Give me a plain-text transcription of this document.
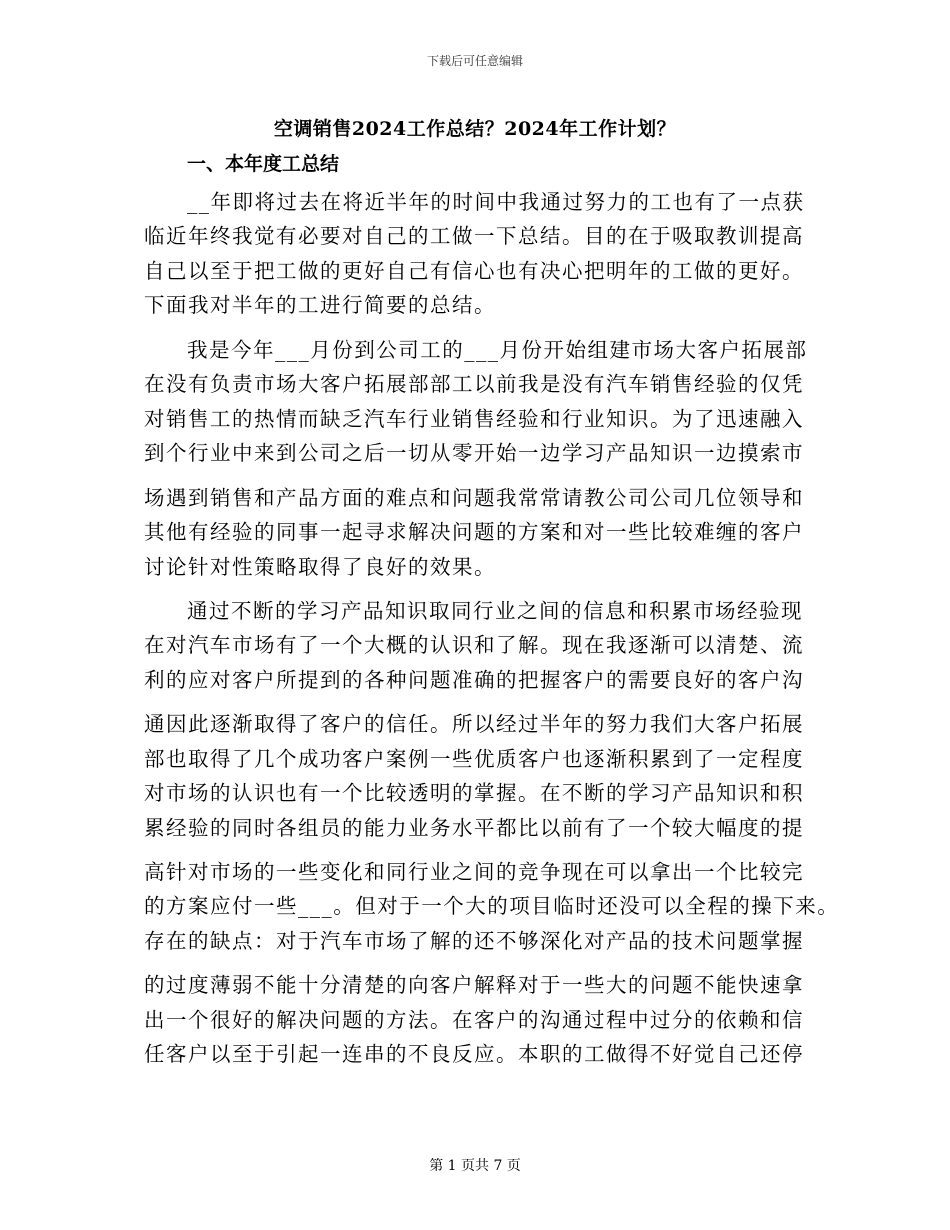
下载后可任意编辑
空调销售2024工作总结？2024年工作计划？
一、本年度工总结
__年即将过去在将近半年的时间中我通过努力的工也有了一点获
临近年终我觉有必要对自己的工做一下总结。目的在于吸取教训提高
自己以至于把工做的更好自己有信心也有决心把明年的工做的更好。
下面我对半年的工进行简要的总结。
我是今年___月份到公司工的___月份开始组建市场大客户拓展部
在没有负责市场大客户拓展部部工以前我是没有汽车销售经验的仅凭
对销售工的热情而缺乏汽车行业销售经验和行业知识。为了迅速融入
到个行业中来到公司之后一切从零开始一边学习产品知识一边摸索市
场遇到销售和产品方面的难点和问题我常常请教公司公司几位领导和
其他有经验的同事一起寻求解决问题的方案和对一些比较难缠的客户
讨论针对性策略取得了良好的效果。
通过不断的学习产品知识取同行业之间的信息和积累市场经验现
在对汽车市场有了一个大概的认识和了解。现在我逐渐可以清楚、流
利的应对客户所提到的各种问题准确的把握客户的需要良好的客户沟
通因此逐渐取得了客户的信任。所以经过半年的努力我们大客户拓展
部也取得了几个成功客户案例一些优质客户也逐渐积累到了一定程度
对市场的认识也有一个比较透明的掌握。在不断的学习产品知识和积
累经验的同时各组员的能力业务水平都比以前有了一个较大幅度的提
高针对市场的一些变化和同行业之间的竞争现在可以拿出一个比较完
的方案应付一些___。但对于一个大的项目临时还没可以全程的操下来。
存在的缺点：对于汽车市场了解的还不够深化对产品的技术问题掌握
的过度薄弱不能十分清楚的向客户解释对于一些大的问题不能快速拿
出一个很好的解决问题的方法。在客户的沟通过程中过分的依赖和信
任客户以至于引起一连串的不良反应。本职的工做得不好觉自己还停
第 1 页共 7 页
